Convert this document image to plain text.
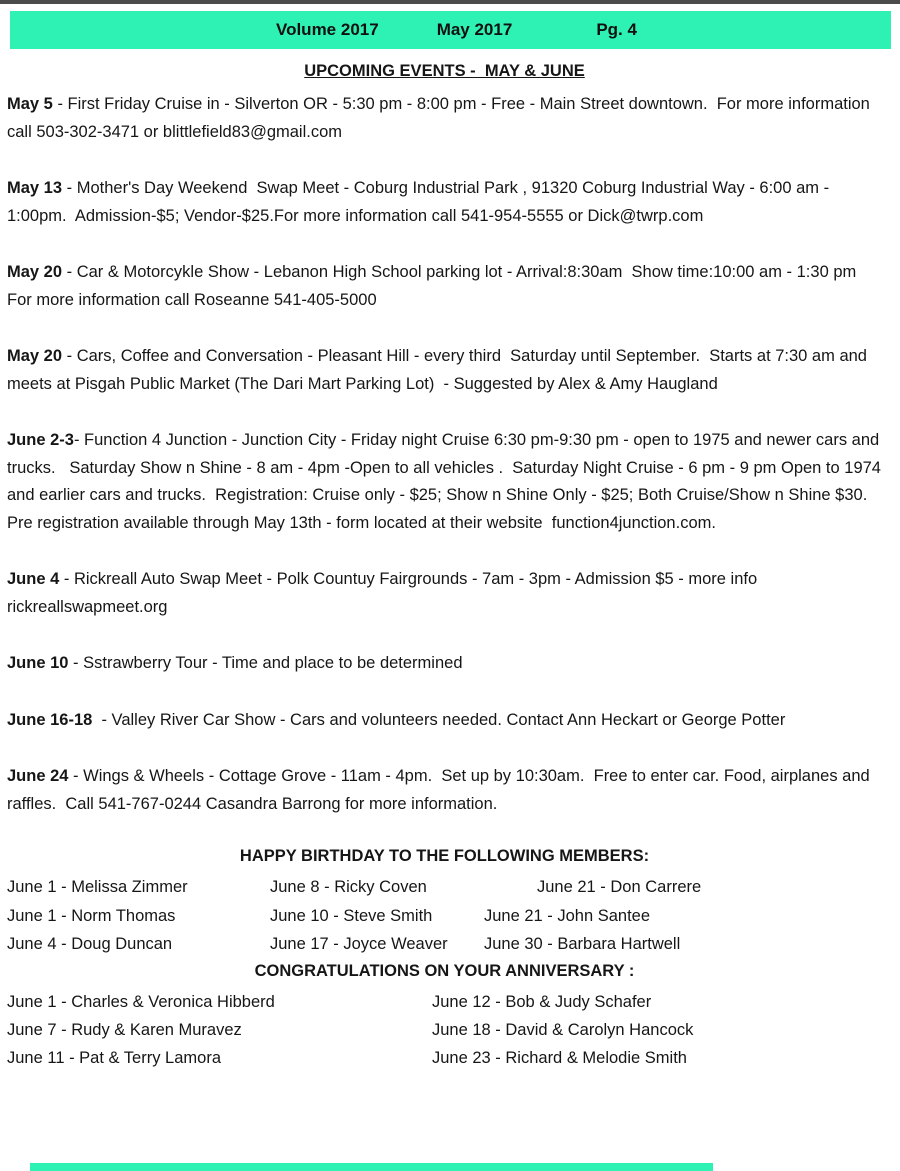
Volume 2017	May 2017	Pg. 4

UPCOMING EVENTS -  MAY & JUNE

May 5 - First Friday Cruise in - Silverton OR - 5:30 pm - 8:00 pm - Free - Main Street downtown.  For more information call 503-302-3471 or blittlefield83@gmail.com

May 13 - Mother's Day Weekend  Swap Meet - Coburg Industrial Park , 91320 Coburg Industrial Way - 6:00 am - 1:00pm.  Admission-$5; Vendor-$25.For more information call 541-954-5555 or Dick@twrp.com

May 20 - Car & Motorcykle Show - Lebanon High School parking lot - Arrival:8:30am  Show time:10:00 am - 1:30 pm  For more information call Roseanne 541-405-5000

May 20 - Cars, Coffee and Conversation - Pleasant Hill - every third  Saturday until September.  Starts at 7:30 am and meets at Pisgah Public Market (The Dari Mart Parking Lot)  - Suggested by Alex & Amy Haugland

June 2-3- Function 4 Junction - Junction City - Friday night Cruise 6:30 pm-9:30 pm - open to 1975 and newer cars and trucks.   Saturday Show n Shine - 8 am - 4pm -Open to all vehicles .  Saturday Night Cruise - 6 pm - 9 pm Open to 1974 and earlier cars and trucks.  Registration: Cruise only - $25; Show n Shine Only - $25; Both Cruise/Show n Shine $30.  Pre registration available through May 13th - form located at their website  function4junction.com.

June 4 - Rickreall Auto Swap Meet - Polk Countuy Fairgrounds - 7am - 3pm - Admission $5 - more info rickreallswapmeet.org

June 10 - Sstrawberry Tour - Time and place to be determined

June 16-18  - Valley River Car Show - Cars and volunteers needed. Contact Ann Heckart or George Potter

June 24 - Wings & Wheels - Cottage Grove - 11am - 4pm.  Set up by 10:30am.  Free to enter car. Food, airplanes and raffles.  Call 541-767-0244 Casandra Barrong for more information.

HAPPY BIRTHDAY TO THE FOLLOWING MEMBERS:

June 1 - Melissa Zimmer	June 8 - Ricky Coven	June 21 - Don Carrere
June 1 - Norm Thomas	June 10 - Steve Smith	June 21 - John Santee
June 4 - Doug Duncan	June 17 - Joyce Weaver	June 30 - Barbara Hartwell

CONGRATULATIONS ON YOUR ANNIVERSARY :

June 1 - Charles & Veronica Hibberd	June 12 - Bob & Judy Schafer
June 7 - Rudy & Karen Muravez	June 18 - David & Carolyn Hancock
June 11 - Pat & Terry Lamora	June 23 - Richard & Melodie Smith
